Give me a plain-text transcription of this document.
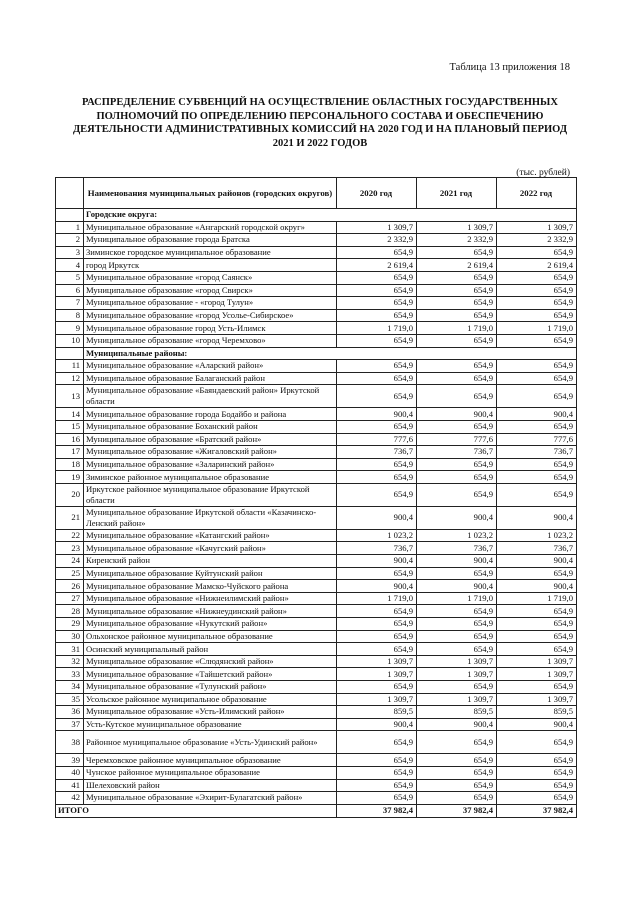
Таблица 13 приложения 18
РАСПРЕДЕЛЕНИЕ СУБВЕНЦИЙ НА ОСУЩЕСТВЛЕНИЕ ОБЛАСТНЫХ ГОСУДАРСТВЕННЫХ
ПОЛНОМОЧИЙ ПО ОПРЕДЕЛЕНИЮ ПЕРСОНАЛЬНОГО СОСТАВА И ОБЕСПЕЧЕНИЮ
ДЕЯТЕЛЬНОСТИ АДМИНИСТРАТИВНЫХ КОМИССИЙ НА 2020 ГОД И НА ПЛАНОВЫЙ ПЕРИОД
2021 И 2022 ГОДОВ
(тыс. рублей)
	Наименования муниципальных районов (городских округов)	2020 год	2021 год	2022 год
	Городские округа:			
1	Муниципальное образование «Ангарский городской округ»	1 309,7	1 309,7	1 309,7
2	Муниципальное образование города Братска	2 332,9	2 332,9	2 332,9
3	Зиминское городское муниципальное образование	654,9	654,9	654,9
4	город Иркутск	2 619,4	2 619,4	2 619,4
5	Муниципальное образование «город Саянск»	654,9	654,9	654,9
6	Муниципальное образование «город Свирск»	654,9	654,9	654,9
7	Муниципальное образование - «город Тулун»	654,9	654,9	654,9
8	Муниципальное образование «город Усолье-Сибирское»	654,9	654,9	654,9
9	Муниципальное образование город Усть-Илимск	1 719,0	1 719,0	1 719,0
10	Муниципальное образование «город Черемхово»	654,9	654,9	654,9
	Муниципальные районы:			
11	Муниципальное образование «Аларский район»	654,9	654,9	654,9
12	Муниципальное образование Балаганский район	654,9	654,9	654,9
13	Муниципальное образование «Баяндаевский район» Иркутской области	654,9	654,9	654,9
14	Муниципальное образование города Бодайбо и района	900,4	900,4	900,4
15	Муниципальное образование Боханский район	654,9	654,9	654,9
16	Муниципальное образование «Братский район»	777,6	777,6	777,6
17	Муниципальное образование «Жигаловский район»	736,7	736,7	736,7
18	Муниципальное образование «Заларинский район»	654,9	654,9	654,9
19	Зиминское районное муниципальное образование	654,9	654,9	654,9
20	Иркутское районное муниципальное образование Иркутской области	654,9	654,9	654,9
21	Муниципальное образование Иркутской области «Казачинско-Ленский район»	900,4	900,4	900,4
22	Муниципальное образование «Катангский район»	1 023,2	1 023,2	1 023,2
23	Муниципальное образование «Качугский район»	736,7	736,7	736,7
24	Киренский район	900,4	900,4	900,4
25	Муниципальное образование Куйтунский район	654,9	654,9	654,9
26	Муниципальное образование Мамско-Чуйского района	900,4	900,4	900,4
27	Муниципальное образование «Нижнеилимский район»	1 719,0	1 719,0	1 719,0
28	Муниципальное образование «Нижнеудинский район»	654,9	654,9	654,9
29	Муниципальное образование «Нукутский район»	654,9	654,9	654,9
30	Ольхонское районное муниципальное образование	654,9	654,9	654,9
31	Осинский муниципальный район	654,9	654,9	654,9
32	Муниципальное образование «Слюдянский район»	1 309,7	1 309,7	1 309,7
33	Муниципальное образование «Тайшетский район»	1 309,7	1 309,7	1 309,7
34	Муниципальное образование «Тулунский район»	654,9	654,9	654,9
35	Усольское районное муниципальное образование	1 309,7	1 309,7	1 309,7
36	Муниципальное образование «Усть-Илимский район»	859,5	859,5	859,5
37	Усть-Кутское муниципальное образование	900,4	900,4	900,4
38	Районное муниципальное образование «Усть-Удинский район»	654,9	654,9	654,9
39	Черемховское районное муниципальное образование	654,9	654,9	654,9
40	Чунское районное муниципальное образование	654,9	654,9	654,9
41	Шелеховский район	654,9	654,9	654,9
42	Муниципальное образование «Эхирит-Булагатский район»	654,9	654,9	654,9
ИТОГО		37 982,4	37 982,4	37 982,4
